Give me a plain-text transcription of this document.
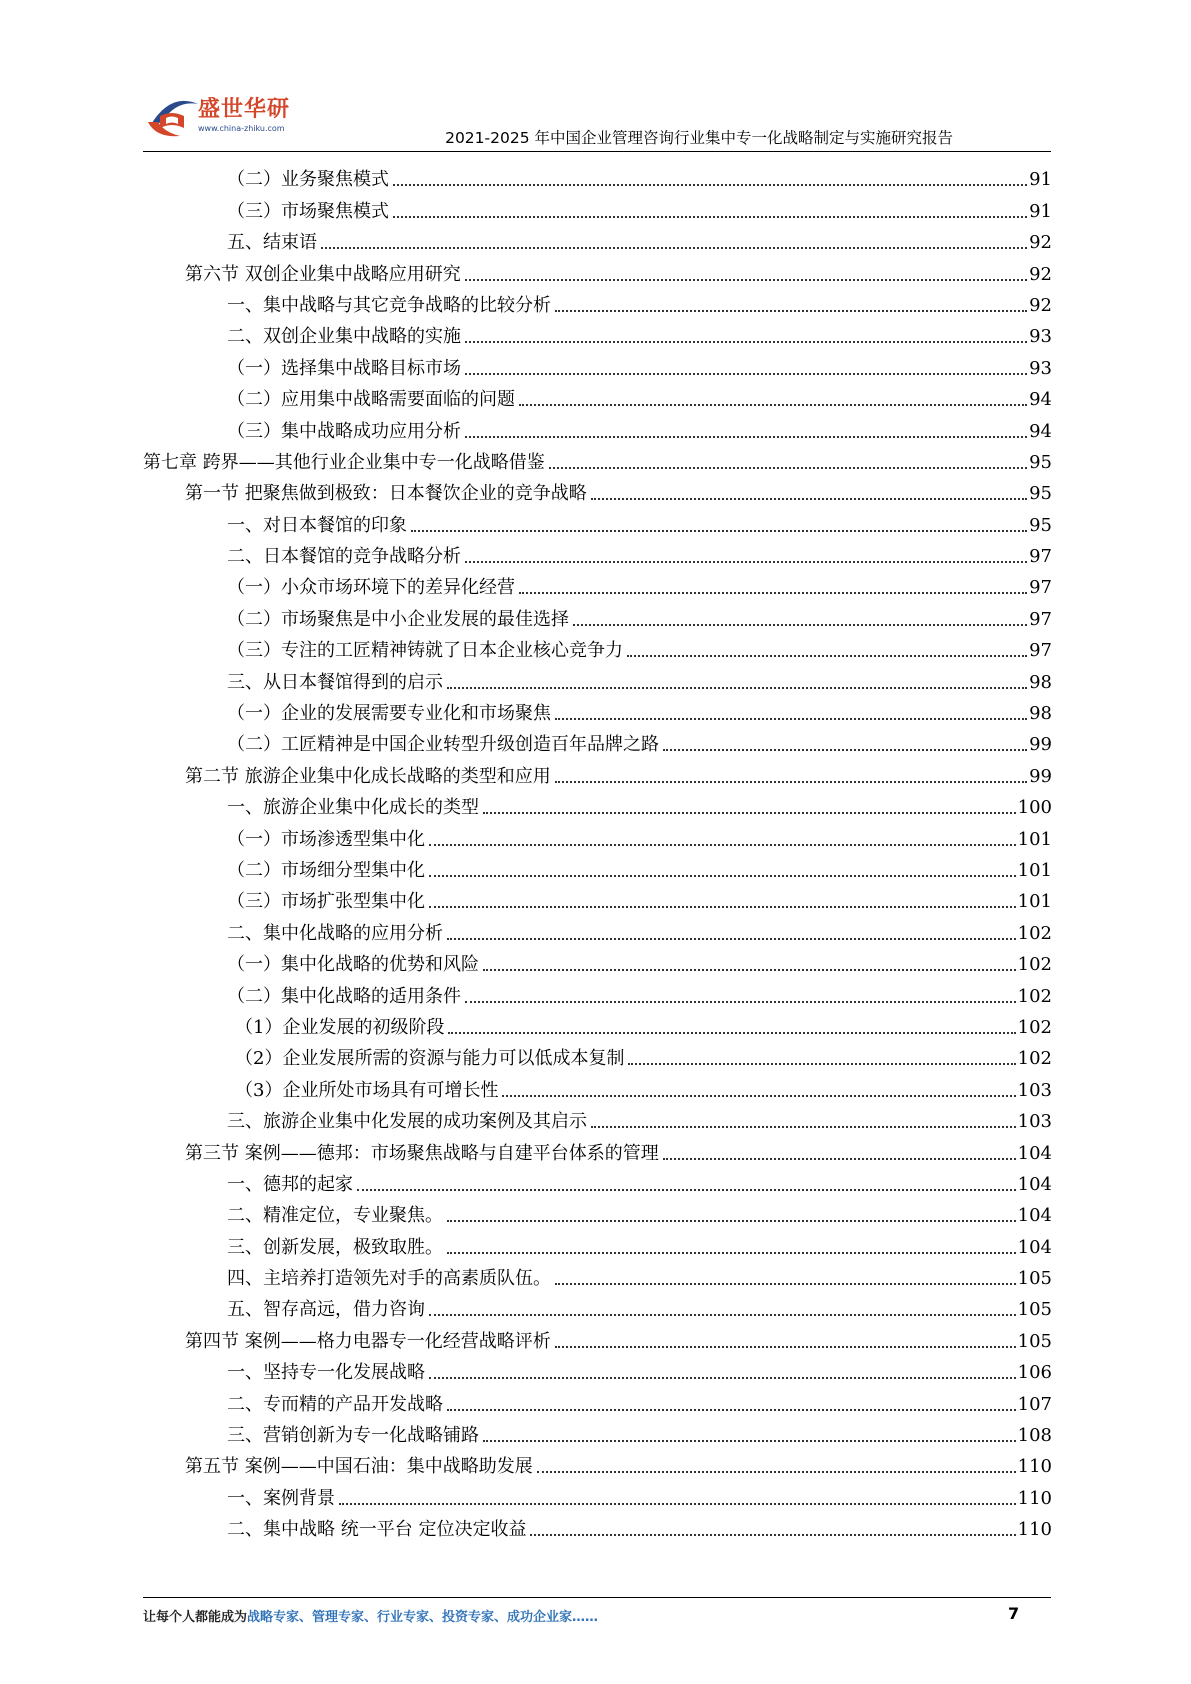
盛世华研
www.china-zhiku.com
2021-2025 年中国企业管理咨询行业集中专一化战略制定与实施研究报告
（二）业务聚焦模式	91
（三）市场聚焦模式	91
五、结束语	92
第六节 双创企业集中战略应用研究	92
一、集中战略与其它竞争战略的比较分析	92
二、双创企业集中战略的实施	93
（一）选择集中战略目标市场	93
（二）应用集中战略需要面临的问题	94
（三）集中战略成功应用分析	94
第七章 跨界——其他行业企业集中专一化战略借鉴	95
第一节 把聚焦做到极致：日本餐饮企业的竞争战略	95
一、对日本餐馆的印象	95
二、日本餐馆的竞争战略分析	97
（一）小众市场环境下的差异化经营	97
（二）市场聚焦是中小企业发展的最佳选择	97
（三）专注的工匠精神铸就了日本企业核心竞争力	97
三、从日本餐馆得到的启示	98
（一）企业的发展需要专业化和市场聚焦	98
（二）工匠精神是中国企业转型升级创造百年品牌之路	99
第二节 旅游企业集中化成长战略的类型和应用	99
一、旅游企业集中化成长的类型	100
（一）市场渗透型集中化	101
（二）市场细分型集中化	101
（三）市场扩张型集中化	101
二、集中化战略的应用分析	102
（一）集中化战略的优势和风险	102
（二）集中化战略的适用条件	102
（1）企业发展的初级阶段	102
（2）企业发展所需的资源与能力可以低成本复制	102
（3）企业所处市场具有可增长性	103
三、旅游企业集中化发展的成功案例及其启示	103
第三节 案例——德邦：市场聚焦战略与自建平台体系的管理	104
一、德邦的起家	104
二、精准定位，专业聚焦。	104
三、创新发展，极致取胜。	104
四、主培养打造领先对手的高素质队伍。	105
五、智存高远，借力咨询	105
第四节 案例——格力电器专一化经营战略评析	105
一、坚持专一化发展战略	106
二、专而精的产品开发战略	107
三、营销创新为专一化战略铺路	108
第五节 案例——中国石油：集中战略助发展	110
一、案例背景	110
二、集中战略 统一平台 定位决定收益	110
让每个人都能成为战略专家、管理专家、行业专家、投资专家、成功企业家……	7
